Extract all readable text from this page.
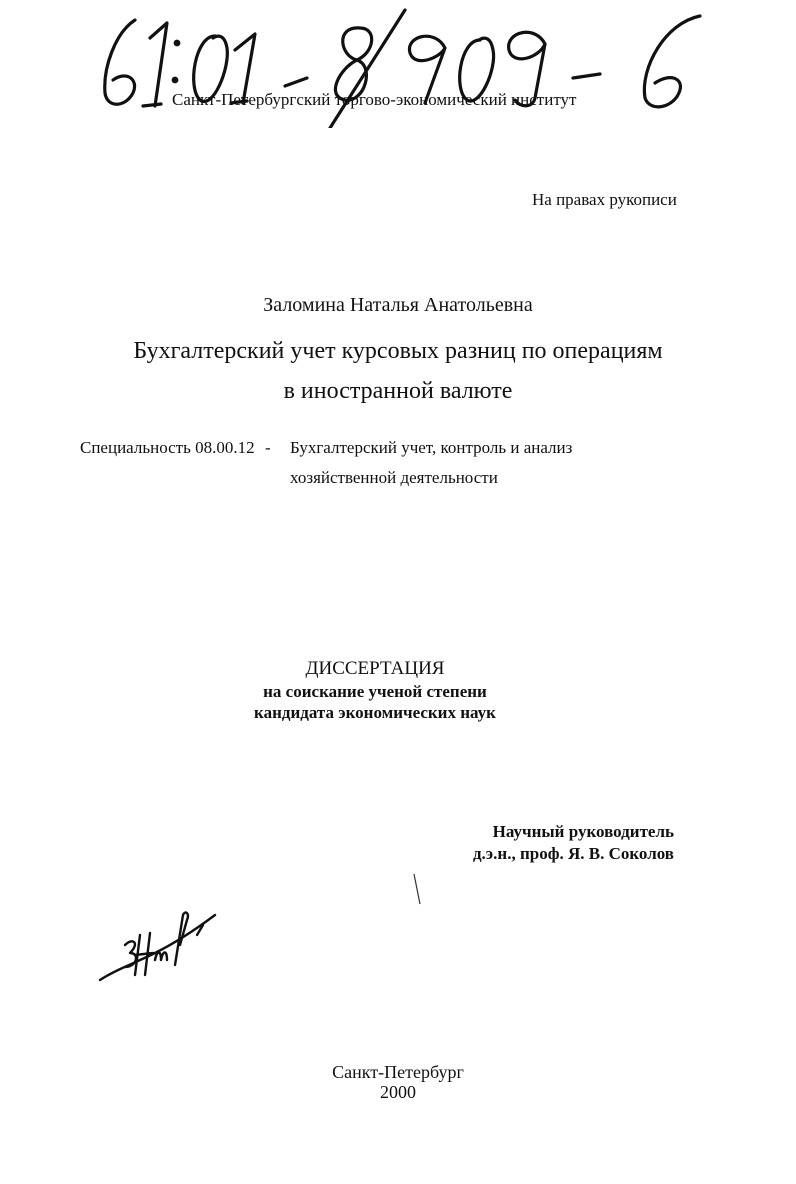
Санкт-Петербургский торгово-экономический институт
На правах рукописи
Заломина Наталья Анатольевна
Бухгалтерский учет курсовых разниц по операциям
в иностранной валюте
Специальность 08.00.12 - Бухгалтерский учет, контроль и анализ
хозяйственной деятельности
ДИССЕРТАЦИЯ
на соискание ученой степени
кандидата экономических наук
Научный руководитель
д.э.н., проф. Я. В. Соколов
Санкт-Петербург
2000
